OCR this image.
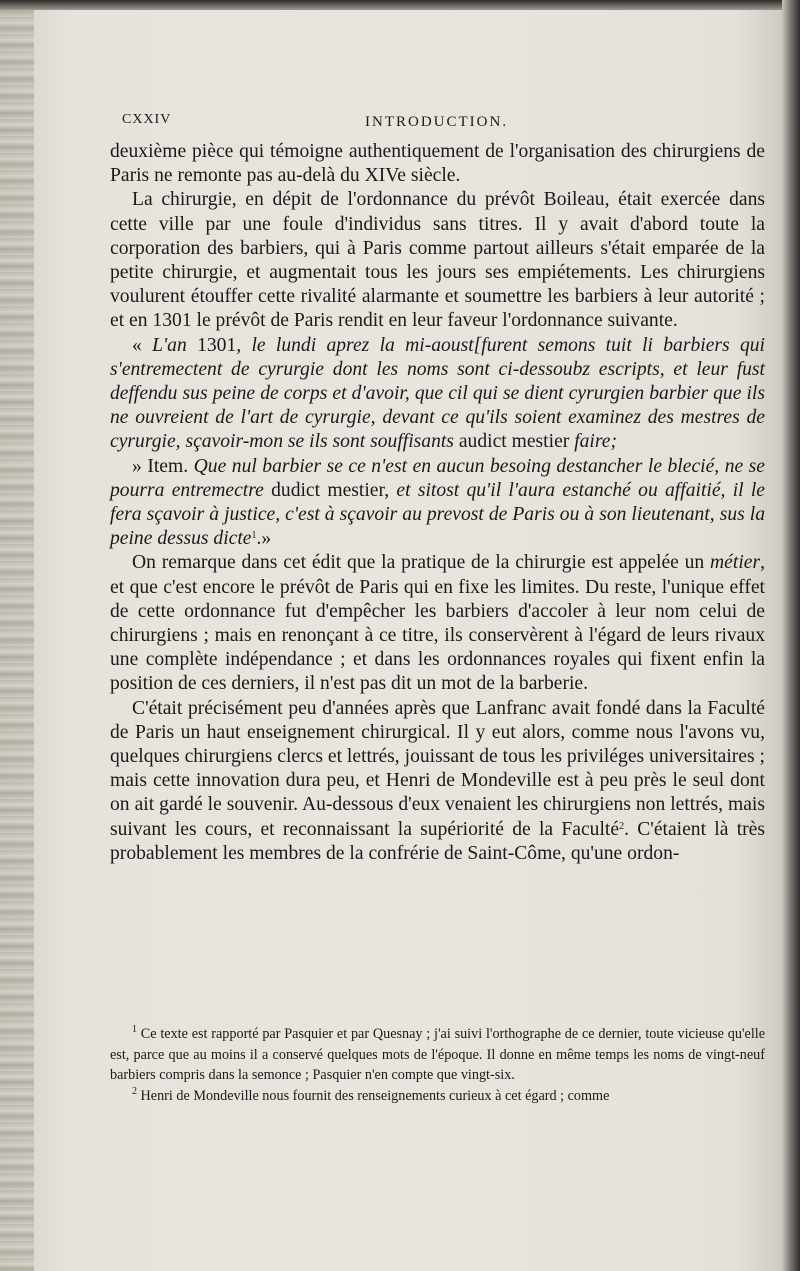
CXXIV	INTRODUCTION.

deuxième pièce qui témoigne authentiquement de l'organisation des chirurgiens de Paris ne remonte pas au-delà du XIVe siècle.

La chirurgie, en dépit de l'ordonnance du prévôt Boileau, était exercée dans cette ville par une foule d'individus sans titres. Il y avait d'abord toute la corporation des barbiers, qui à Paris comme partout ailleurs s'était emparée de la petite chirurgie, et augmentait tous les jours ses empiétements. Les chirurgiens voulurent étouffer cette rivalité alarmante et soumettre les barbiers à leur autorité ; et en 1301 le prévôt de Paris rendit en leur faveur l'ordonnance suivante.

« L'an 1301, le lundi aprez la mi-aoust[furent semons tuit li barbiers qui s'entremectent de cyrurgie dont les noms sont ci-dessoubz escripts, et leur fust deffendu sus peine de corps et d'avoir, que cil qui se dient cyrurgien barbier que ils ne ouvreient de l'art de cyrurgie, devant ce qu'ils soient examinez des mestres de cyrurgie, sçavoir-mon se ils sont souffisants audict mestier faire;

» Item. Que nul barbier se ce n'est en aucun besoing destancher le blecié, ne se pourra entremectre dudict mestier, et sitost qu'il l'aura estanché ou affaitié, il le fera sçavoir à justice, c'est à sçavoir au prevost de Paris ou à son lieutenant, sus la peine dessus dicte$^1$.»

On remarque dans cet édit que la pratique de la chirurgie est appelée un métier, et que c'est encore le prévôt de Paris qui en fixe les limites. Du reste, l'unique effet de cette ordonnance fut d'empêcher les barbiers d'accoler à leur nom celui de chirurgiens ; mais en renonçant à ce titre, ils conservèrent à l'égard de leurs rivaux une complète indépendance ; et dans les ordonnances royales qui fixent enfin la position de ces derniers, il n'est pas dit un mot de la barberie.

C'était précisément peu d'années après que Lanfranc avait fondé dans la Faculté de Paris un haut enseignement chirurgical. Il y eut alors, comme nous l'avons vu, quelques chirurgiens clercs et lettrés, jouissant de tous les priviléges universitaires ; mais cette innovation dura peu, et Henri de Mondeville est à peu près le seul dont on ait gardé le souvenir. Au-dessous d'eux venaient les chirurgiens non lettrés, mais suivant les cours, et reconnaissant la supériorité de la Faculté$^2$. C'étaient là très probablement les membres de la confrérie de Saint-Côme, qu'une ordon-

$^1$ Ce texte est rapporté par Pasquier et par Quesnay ; j'ai suivi l'orthographe de ce dernier, toute vicieuse qu'elle est, parce que au moins il a conservé quelques mots de l'époque. Il donne en même temps les noms de vingt-neuf barbiers compris dans la semonce ; Pasquier n'en compte que vingt-six.

$^2$ Henri de Mondeville nous fournit des renseignements curieux à cet égard ; comme
